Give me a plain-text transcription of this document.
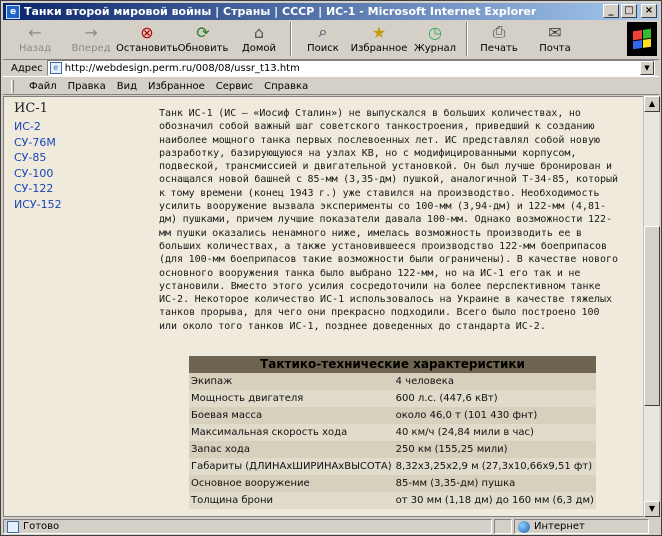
e Танки второй мировой войны | Страны | СССР | ИС-1 - Microsoft Internet Explorer	_	□	×
←
Назад
→
Вперед
⊗
Остановить
⟳
Обновить
⌂
Домой
⌕
Поиск
★
Избранное
◷
Журнал
⎙
Печать
✉
Почта
Адрес	e
http://webdesign.perm.ru/008/08/ussr_t13.htm	▼
Файл Правка Вид Избранное Сервис Справка
ИС-1
ИС-2
СУ-76М
СУ-85
СУ-100
СУ-122
ИСУ-152

Танк ИС-1 (ИС — «Иосиф Сталин») не выпускался в больших количествах, но обозначил собой важный шаг советского танкостроения, приведший к созданию наиболее мощного танка первых послевоенных лет. ИС представлял собой новую разработку, базирующуюся на узлах КВ, но с модифицированными корпусом, подвеской, трансмиссией и двигательной установкой. Он был лучше бронирован и оснащался новой башней с 85-мм (3,35-дм) пушкой, аналогичной Т-34-85, который к тому времени (конец 1943 г.) уже ставился на производство. Необходимость усилить вооружение вызвала эксперименты со 100-мм (3,94-дм) и 122-мм (4,81-дм) пушками, причем лучшие показатели давала 100-мм. Однако возможности 122-мм пушки оказались ненамного ниже, имелась возможность производить ее в больших количествах, а также установившееся производство 122-мм боеприпасов (для 100-мм боеприпасов такие возможности были ограничены). В качестве нового основного вооружения танка было выбрано 122-мм, но на ИС-1 его так и не установили. Вместо этого усилия сосредоточили на более перспективном танке ИС-2. Некоторое количество ИС-1 использовалось на Украине в качестве тяжелых танков прорыва, для чего они прекрасно подходили. Всего было построено 100 или около того танков ИС-1, позднее доведенных до стандарта ИС-2.

Тактико-технические характеристики
Экипаж	4 человека
Мощность двигателя	600 л.с. (447,6 кВт)
Боевая масса	около 46,0 т (101 430 фнт)
Максимальная скорость хода	40 км/ч (24,84 мили в час)
Запас хода	250 км (155,25 мили)
Габариты (ДЛИНАxШИРИНАxВЫСОТА)	8,32x3,25x2,9 м (27,3x10,66x9,51 фт)
Основное вооружение	85-мм (3,35-дм) пушка
Толщина брони	от 30 мм (1,18 дм) до 160 мм (6,3 дм)
▲
▼
Готово	Интернет
